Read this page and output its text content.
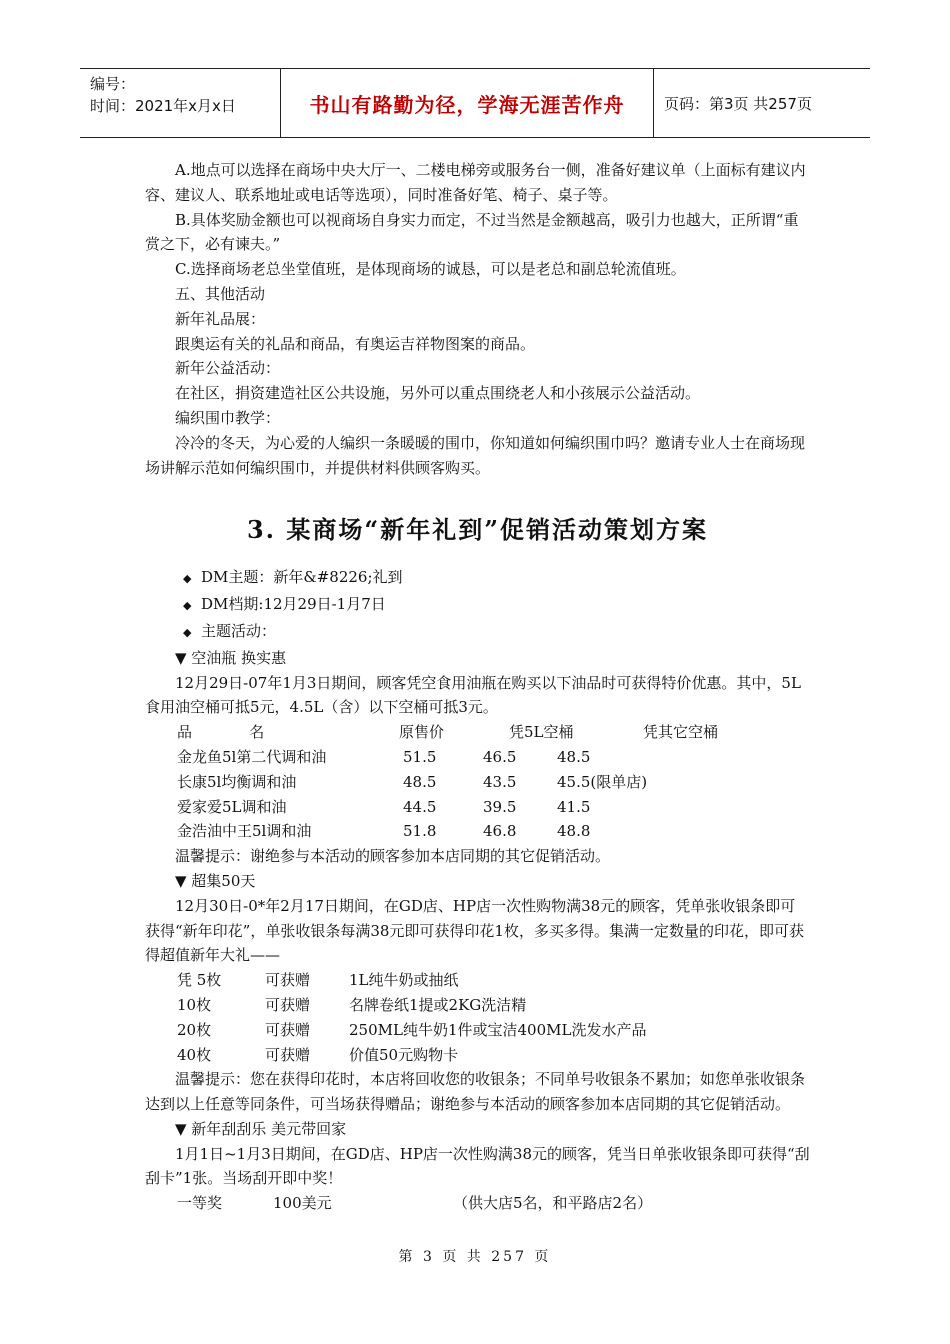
编号：
时间：2021年x月x日	书山有路勤为径，学海无涯苦作舟	页码：第3页 共257页

A.地点可以选择在商场中央大厅一、二楼电梯旁或服务台一侧，准备好建议单（上面标有建议内容、建议人、联系地址或电话等选项），同时准备好笔、椅子、桌子等。

B.具体奖励金额也可以视商场自身实力而定，不过当然是金额越高，吸引力也越大，正所谓“重赏之下，必有谏夫。”

C.选择商场老总坐堂值班，是体现商场的诚恳，可以是老总和副总轮流值班。

五、其他活动

新年礼品展：

跟奥运有关的礼品和商品，有奥运吉祥物图案的商品。

新年公益活动：

在社区，捐资建造社区公共设施，另外可以重点围绕老人和小孩展示公益活动。

编织围巾教学：

冷冷的冬天，为心爱的人编织一条暖暖的围巾，你知道如何编织围巾吗？邀请专业人士在商场现场讲解示范如何编织围巾，并提供材料供顾客购买。

3. 某商场“新年礼到”促销活动策划方案
◆ DM主题：新年&#8226;礼到
◆ DM档期:12月29日-1月7日
◆ 主题活动：
▼ 空油瓶 换实惠

12月29日-07年1月3日期间，顾客凭空食用油瓶在购买以下油品时可获得特价优惠。其中，5L食用油空桶可抵5元，4.5L（含）以下空桶可抵3元。

品            名	原售价	凭5L空桶	凭其它空桶
金龙鱼5l第二代调和油	51.5	46.5	48.5
长康5l均衡调和油	48.5	43.5	45.5(限单店)
爱家爱5L调和油	44.5	39.5	41.5
金浩油中王5l调和油	51.8	46.8	48.8

温馨提示：谢绝参与本活动的顾客参加本店同期的其它促销活动。

▼ 超集50天

12月30日-0*年2月17日期间，在GD店、HP店一次性购物满38元的顾客，凭单张收银条即可获得“新年印花”，单张收银条每满38元即可获得印花1枚，多买多得。集满一定数量的印花，即可获得超值新年大礼——

凭 5枚	可获赠	1L纯牛奶或抽纸
10枚	可获赠	名牌卷纸1提或2KG洗洁精
20枚	可获赠	250ML纯牛奶1件或宝洁400ML洗发水产品
40枚	可获赠	价值50元购物卡

温馨提示：您在获得印花时，本店将回收您的收银条；不同单号收银条不累加；如您单张收银条达到以上任意等同条件，可当场获得赠品；谢绝参与本活动的顾客参加本店同期的其它促销活动。

▼ 新年刮刮乐 美元带回家

1月1日~1月3日期间，在GD店、HP店一次性购满38元的顾客，凭当日单张收银条即可获得“刮刮卡”1张。当场刮开即中奖！

一等奖	100美元	（供大店5名，和平路店2名）
第 3 页 共 257 页
